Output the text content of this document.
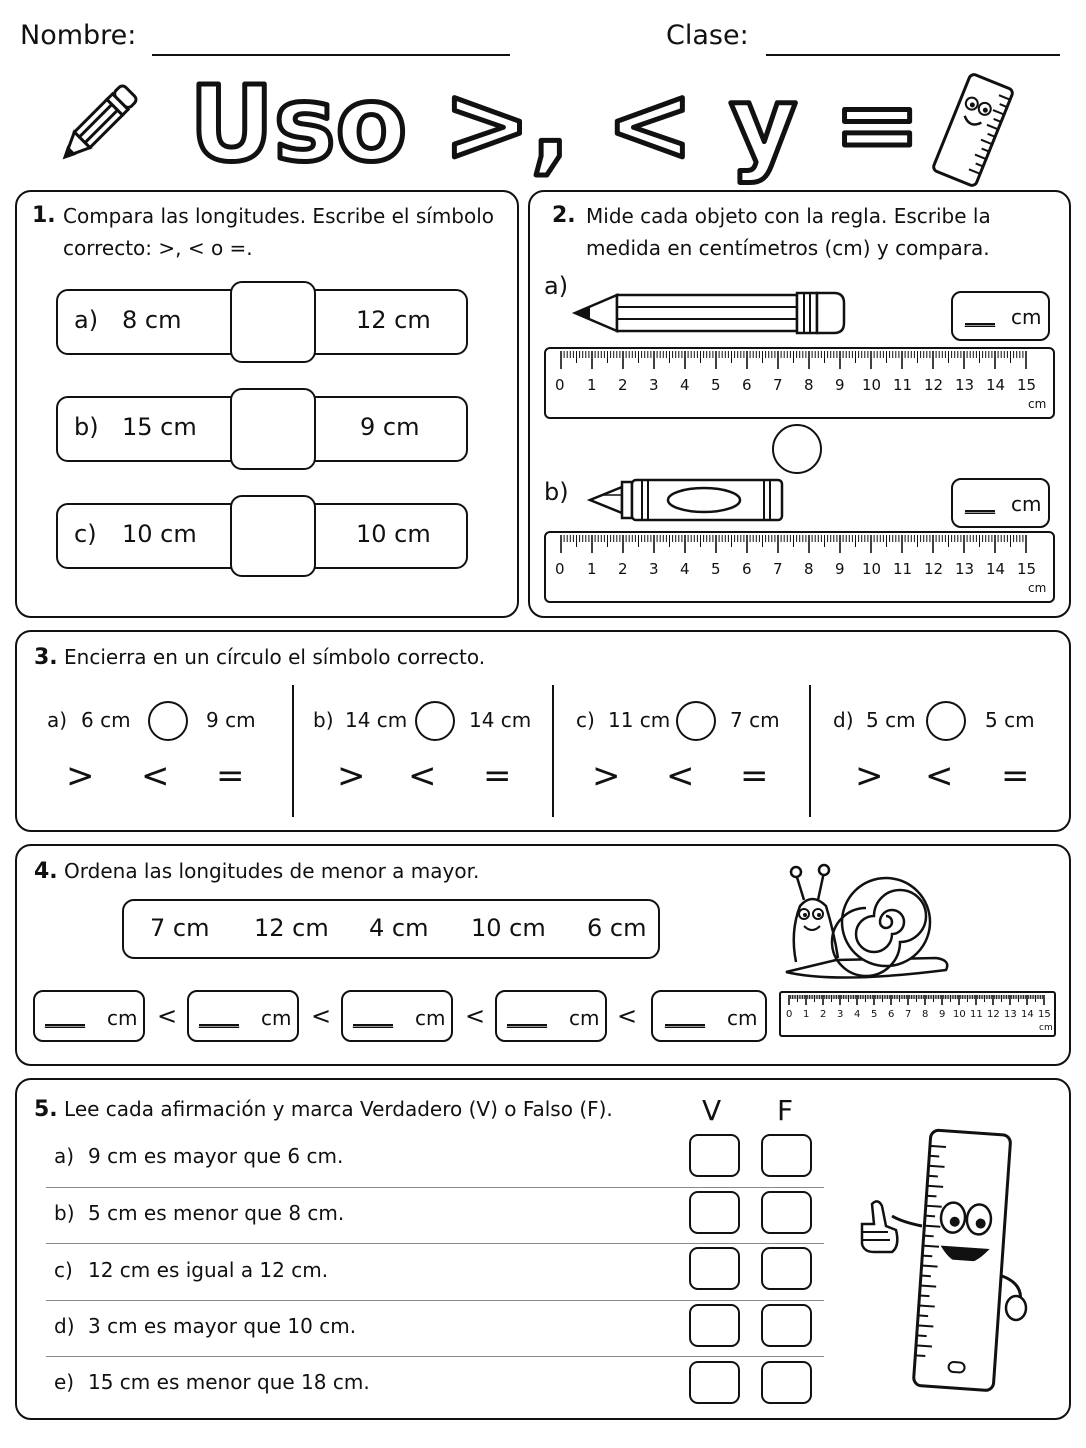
Nombre:	Clase:
Uso >, < y =
1. Compara las longitudes. Escribe el símbolo correcto: >, < o =.
a) 8 cm	12 cm
b) 15 cm	9 cm
c) 10 cm	10 cm
2. Mide cada objeto con la regla. Escribe la medida en centímetros (cm) y compara.
a)
___ cm
0 1 2 3 4 5 6 7 8 9 10 11 12 13 14 15
cm
b)	___ cm
0 1 2 3 4 5 6 7 8 9 10 11 12 13 14 15
cm
3. Encierra en un círculo el símbolo correcto.
a) 6 cm	9 cm
> < =
b) 14 cm	14 cm
> < =
c) 11 cm	7 cm
> < =
d) 5 cm	5 cm
> < =
4. Ordena las longitudes de menor a mayor.
7 cm 12 cm 4 cm 10 cm 6 cm
____ cm < ____ cm < ____ cm < ____ cm < ____ cm	0 1 2 3 4 5 6 7 8 9 10 11 12 13 14 15
cm
5. Lee cada afirmación y marca Verdadero (V) o Falso (F).	V F
a) 9 cm es mayor que 6 cm.
b) 5 cm es menor que 8 cm.
c) 12 cm es igual a 12 cm.
d) 3 cm es mayor que 10 cm.
e) 15 cm es menor que 18 cm.
